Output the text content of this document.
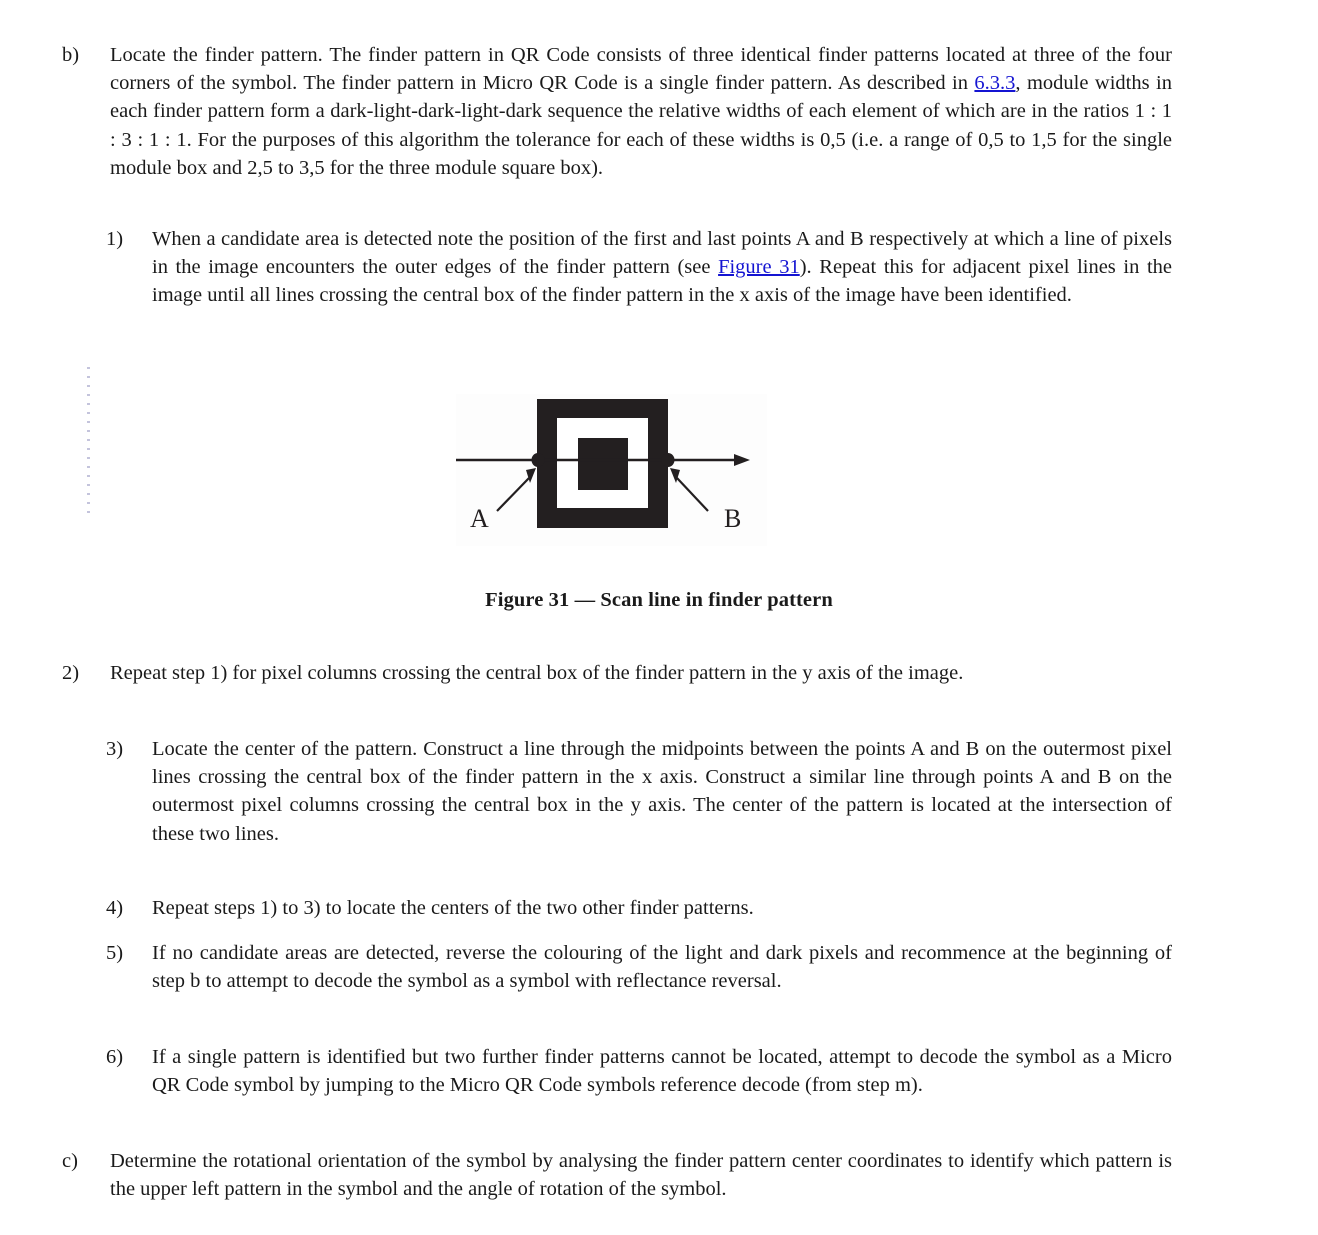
b)	Locate the finder pattern. The finder pattern in QR Code consists of three identical finder patterns located at three of the four corners of the symbol. The finder pattern in Micro QR Code is a single finder pattern. As described in 6.3.3, module widths in each finder pattern form a dark-light-dark-light-dark sequence the relative widths of each element of which are in the ratios 1 : 1 : 3 : 1 : 1. For the purposes of this algorithm the tolerance for each of these widths is 0,5 (i.e. a range of 0,5 to 1,5 for the single module box and 2,5 to 3,5 for the three module square box).
1)	When a candidate area is detected note the position of the first and last points A and B respectively at which a line of pixels in the image encounters the outer edges of the finder pattern (see Figure 31). Repeat this for adjacent pixel lines in the image until all lines crossing the central box of the finder pattern in the x axis of the image have been identified.
2)	Repeat step 1) for pixel columns crossing the central box of the finder pattern in the y axis of the image.
3)	Locate the center of the pattern. Construct a line through the midpoints between the points A and B on the outermost pixel lines crossing the central box of the finder pattern in the x axis. Construct a similar line through points A and B on the outermost pixel columns crossing the central box in the y axis. The center of the pattern is located at the intersection of these two lines.
4)	Repeat steps 1) to 3) to locate the centers of the two other finder patterns.
5)	If no candidate areas are detected, reverse the colouring of the light and dark pixels and recommence at the beginning of step b to attempt to decode the symbol as a symbol with reflectance reversal.
6)	If a single pattern is identified but two further finder patterns cannot be located, attempt to decode the symbol as a Micro QR Code symbol by jumping to the Micro QR Code symbols reference decode (from step m).
c)	Determine the rotational orientation of the symbol by analysing the finder pattern center coordinates to identify which pattern is the upper left pattern in the symbol and the angle of rotation of the symbol.
A	B
Figure 31 — Scan line in finder pattern
